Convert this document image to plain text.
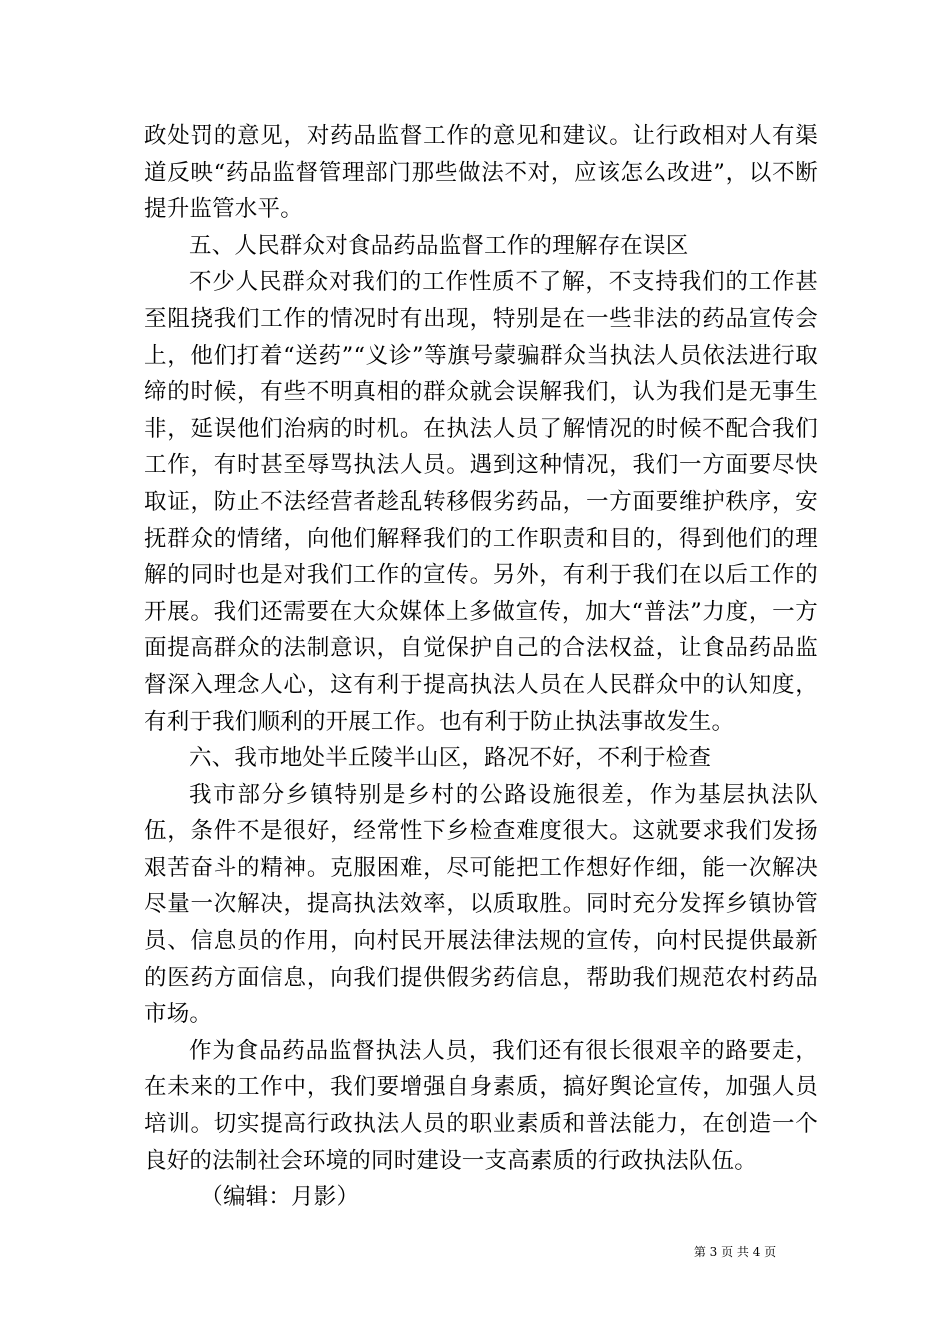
政处罚的意见，对药品监督工作的意见和建议。让行政相对人有渠道反映“药品监督管理部门那些做法不对，应该怎么改进”，以不断提升监管水平。

五、人民群众对食品药品监督工作的理解存在误区

不少人民群众对我们的工作性质不了解，不支持我们的工作甚至阻挠我们工作的情况时有出现，特别是在一些非法的药品宣传会上，他们打着“送药”“义诊”等旗号蒙骗群众当执法人员依法进行取缔的时候，有些不明真相的群众就会误解我们，认为我们是无事生非，延误他们治病的时机。在执法人员了解情况的时候不配合我们工作，有时甚至辱骂执法人员。遇到这种情况，我们一方面要尽快取证，防止不法经营者趁乱转移假劣药品，一方面要维护秩序，安抚群众的情绪，向他们解释我们的工作职责和目的，得到他们的理解的同时也是对我们工作的宣传。另外，有利于我们在以后工作的开展。我们还需要在大众媒体上多做宣传，加大“普法”力度，一方面提高群众的法制意识，自觉保护自己的合法权益，让食品药品监督深入理念人心，这有利于提高执法人员在人民群众中的认知度，有利于我们顺利的开展工作。也有利于防止执法事故发生。

六、我市地处半丘陵半山区，路况不好，不利于检查

我市部分乡镇特别是乡村的公路设施很差，作为基层执法队伍，条件不是很好，经常性下乡检查难度很大。这就要求我们发扬艰苦奋斗的精神。克服困难，尽可能把工作想好作细，能一次解决尽量一次解决，提高执法效率，以质取胜。同时充分发挥乡镇协管员、信息员的作用，向村民开展法律法规的宣传，向村民提供最新的医药方面信息，向我们提供假劣药信息，帮助我们规范农村药品市场。

作为食品药品监督执法人员，我们还有很长很艰辛的路要走，在未来的工作中，我们要增强自身素质，搞好舆论宣传，加强人员培训。切实提高行政执法人员的职业素质和普法能力，在创造一个良好的法制社会环境的同时建设一支高素质的行政执法队伍。

（编辑：月影）

第 3 页 共 4 页
